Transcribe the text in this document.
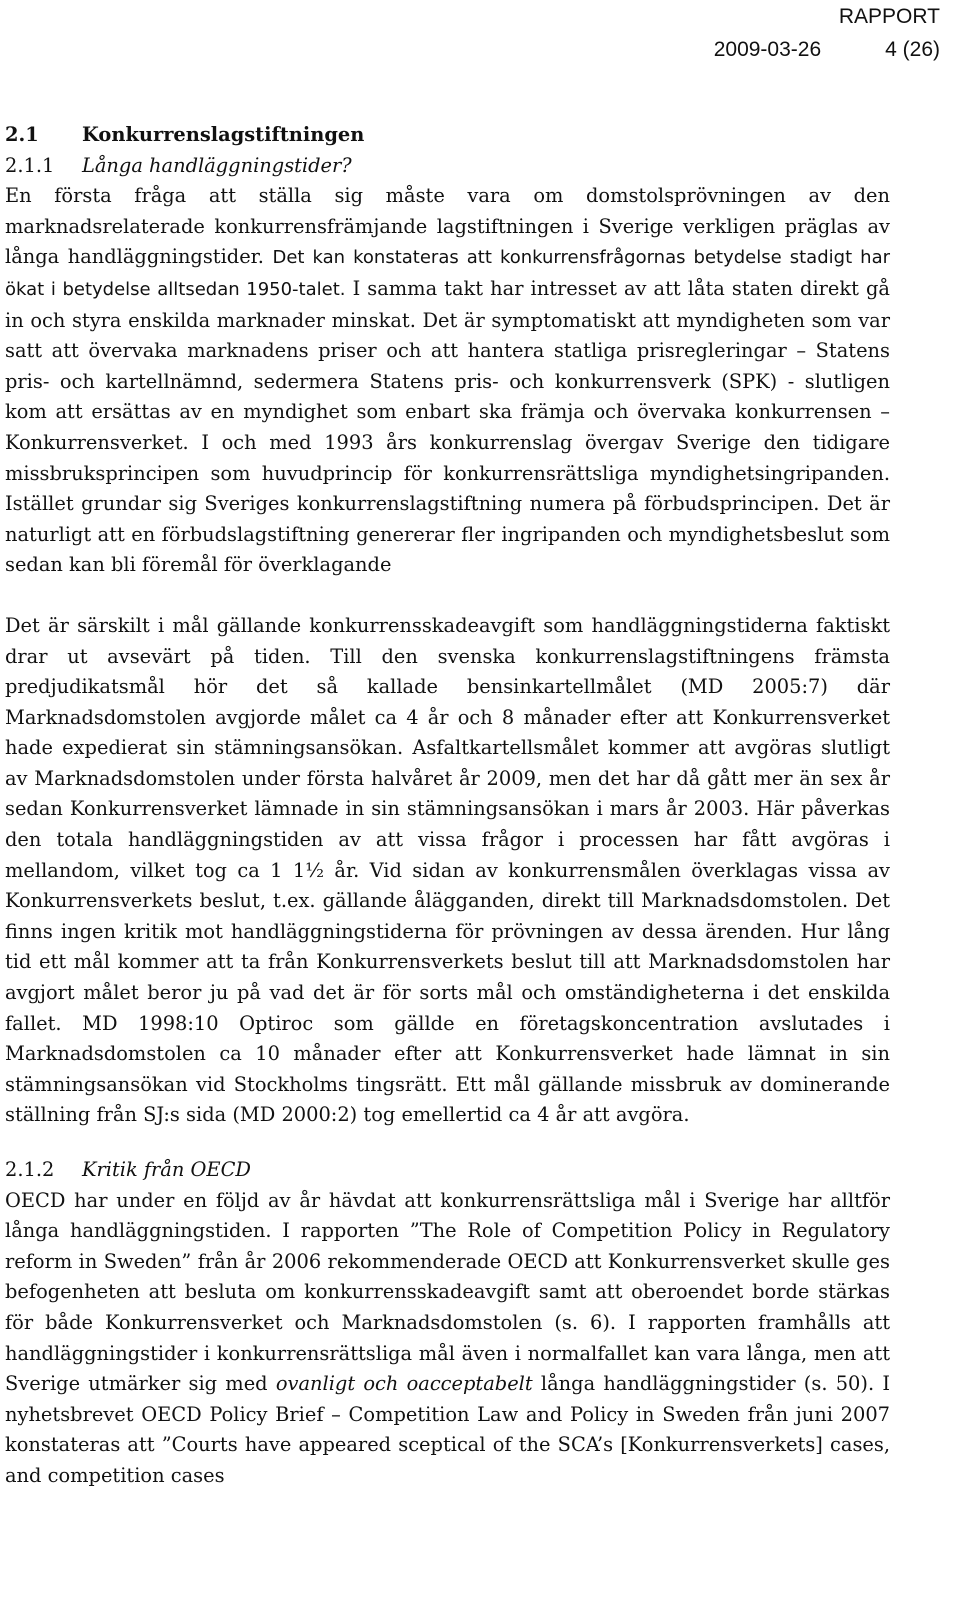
RAPPORT
2009-03-26	4 (26)
2.1 Konkurrenslagstiftningen
2.1.1 Långa handläggningstider?

En första fråga att ställa sig måste vara om domstolsprövningen av den marknadsrelaterade konkurrensfrämjande lagstiftningen i Sverige verkligen präglas av långa handläggningstider. Det kan konstateras att konkurrensfrågornas betydelse stadigt har ökat i betydelse alltsedan 1950-talet. I samma takt har intresset av att låta staten direkt gå in och styra enskilda marknader minskat. Det är symptomatiskt att myndigheten som var satt att övervaka marknadens priser och att hantera statliga prisregleringar – Statens pris- och kartellnämnd, sedermera Statens pris- och konkurrensverk (SPK) - slutligen kom att ersättas av en myndighet som enbart ska främja och övervaka konkurrensen – Konkurrensverket. I och med 1993 års konkurrenslag övergav Sverige den tidigare missbruksprincipen som huvudprincip för konkurrensrättsliga myndighetsingripanden. Istället grundar sig Sveriges konkurrenslagstiftning numera på förbudsprincipen. Det är naturligt att en förbudslagstiftning genererar fler ingripanden och myndighetsbeslut som sedan kan bli föremål för överklagande

Det är särskilt i mål gällande konkurrensskadeavgift som handläggningstiderna faktiskt drar ut avsevärt på tiden. Till den svenska konkurrenslagstiftningens främsta predjudikatsmål hör det så kallade bensinkartellmålet (MD 2005:7) där Marknadsdomstolen avgjorde målet ca 4 år och 8 månader efter att Konkurrensverket hade expedierat sin stämningsansökan. Asfaltkartellsmålet kommer att avgöras slutligt av Marknadsdomstolen under första halvåret år 2009, men det har då gått mer än sex år sedan Konkurrensverket lämnade in sin stämningsansökan i mars år 2003. Här påverkas den totala handläggningstiden av att vissa frågor i processen har fått avgöras i mellandom, vilket tog ca 1 1½ år. Vid sidan av konkurrensmålen överklagas vissa av Konkurrensverkets beslut, t.ex. gällande ålägganden, direkt till Marknadsdomstolen. Det finns ingen kritik mot handläggningstiderna för prövningen av dessa ärenden. Hur lång tid ett mål kommer att ta från Konkurrensverkets beslut till att Marknadsdomstolen har avgjort målet beror ju på vad det är för sorts mål och omständigheterna i det enskilda fallet. MD 1998:10 Optiroc som gällde en företagskoncentration avslutades i Marknadsdomstolen ca 10 månader efter att Konkurrensverket hade lämnat in sin stämningsansökan vid Stockholms tingsrätt. Ett mål gällande missbruk av dominerande ställning från SJ:s sida (MD 2000:2) tog emellertid ca 4 år att avgöra.

2.1.2 Kritik från OECD

OECD har under en följd av år hävdat att konkurrensrättsliga mål i Sverige har alltför långa handläggningstiden. I rapporten ”The Role of Competition Policy in Regulatory reform in Sweden” från år 2006 rekommenderade OECD att Konkurrensverket skulle ges befogenheten att besluta om konkurrensskadeavgift samt att oberoendet borde stärkas för både Konkurrensverket och Marknadsdomstolen (s. 6). I rapporten framhålls att handläggningstider i konkurrensrättsliga mål även i normalfallet kan vara långa, men att Sverige utmärker sig med ovanligt och oacceptabelt långa handläggningstider (s. 50). I nyhetsbrevet OECD Policy Brief – Competition Law and Policy in Sweden från juni 2007 konstateras att ”Courts have appeared sceptical of the SCA’s [Konkurrensverkets] cases, and competition cases
